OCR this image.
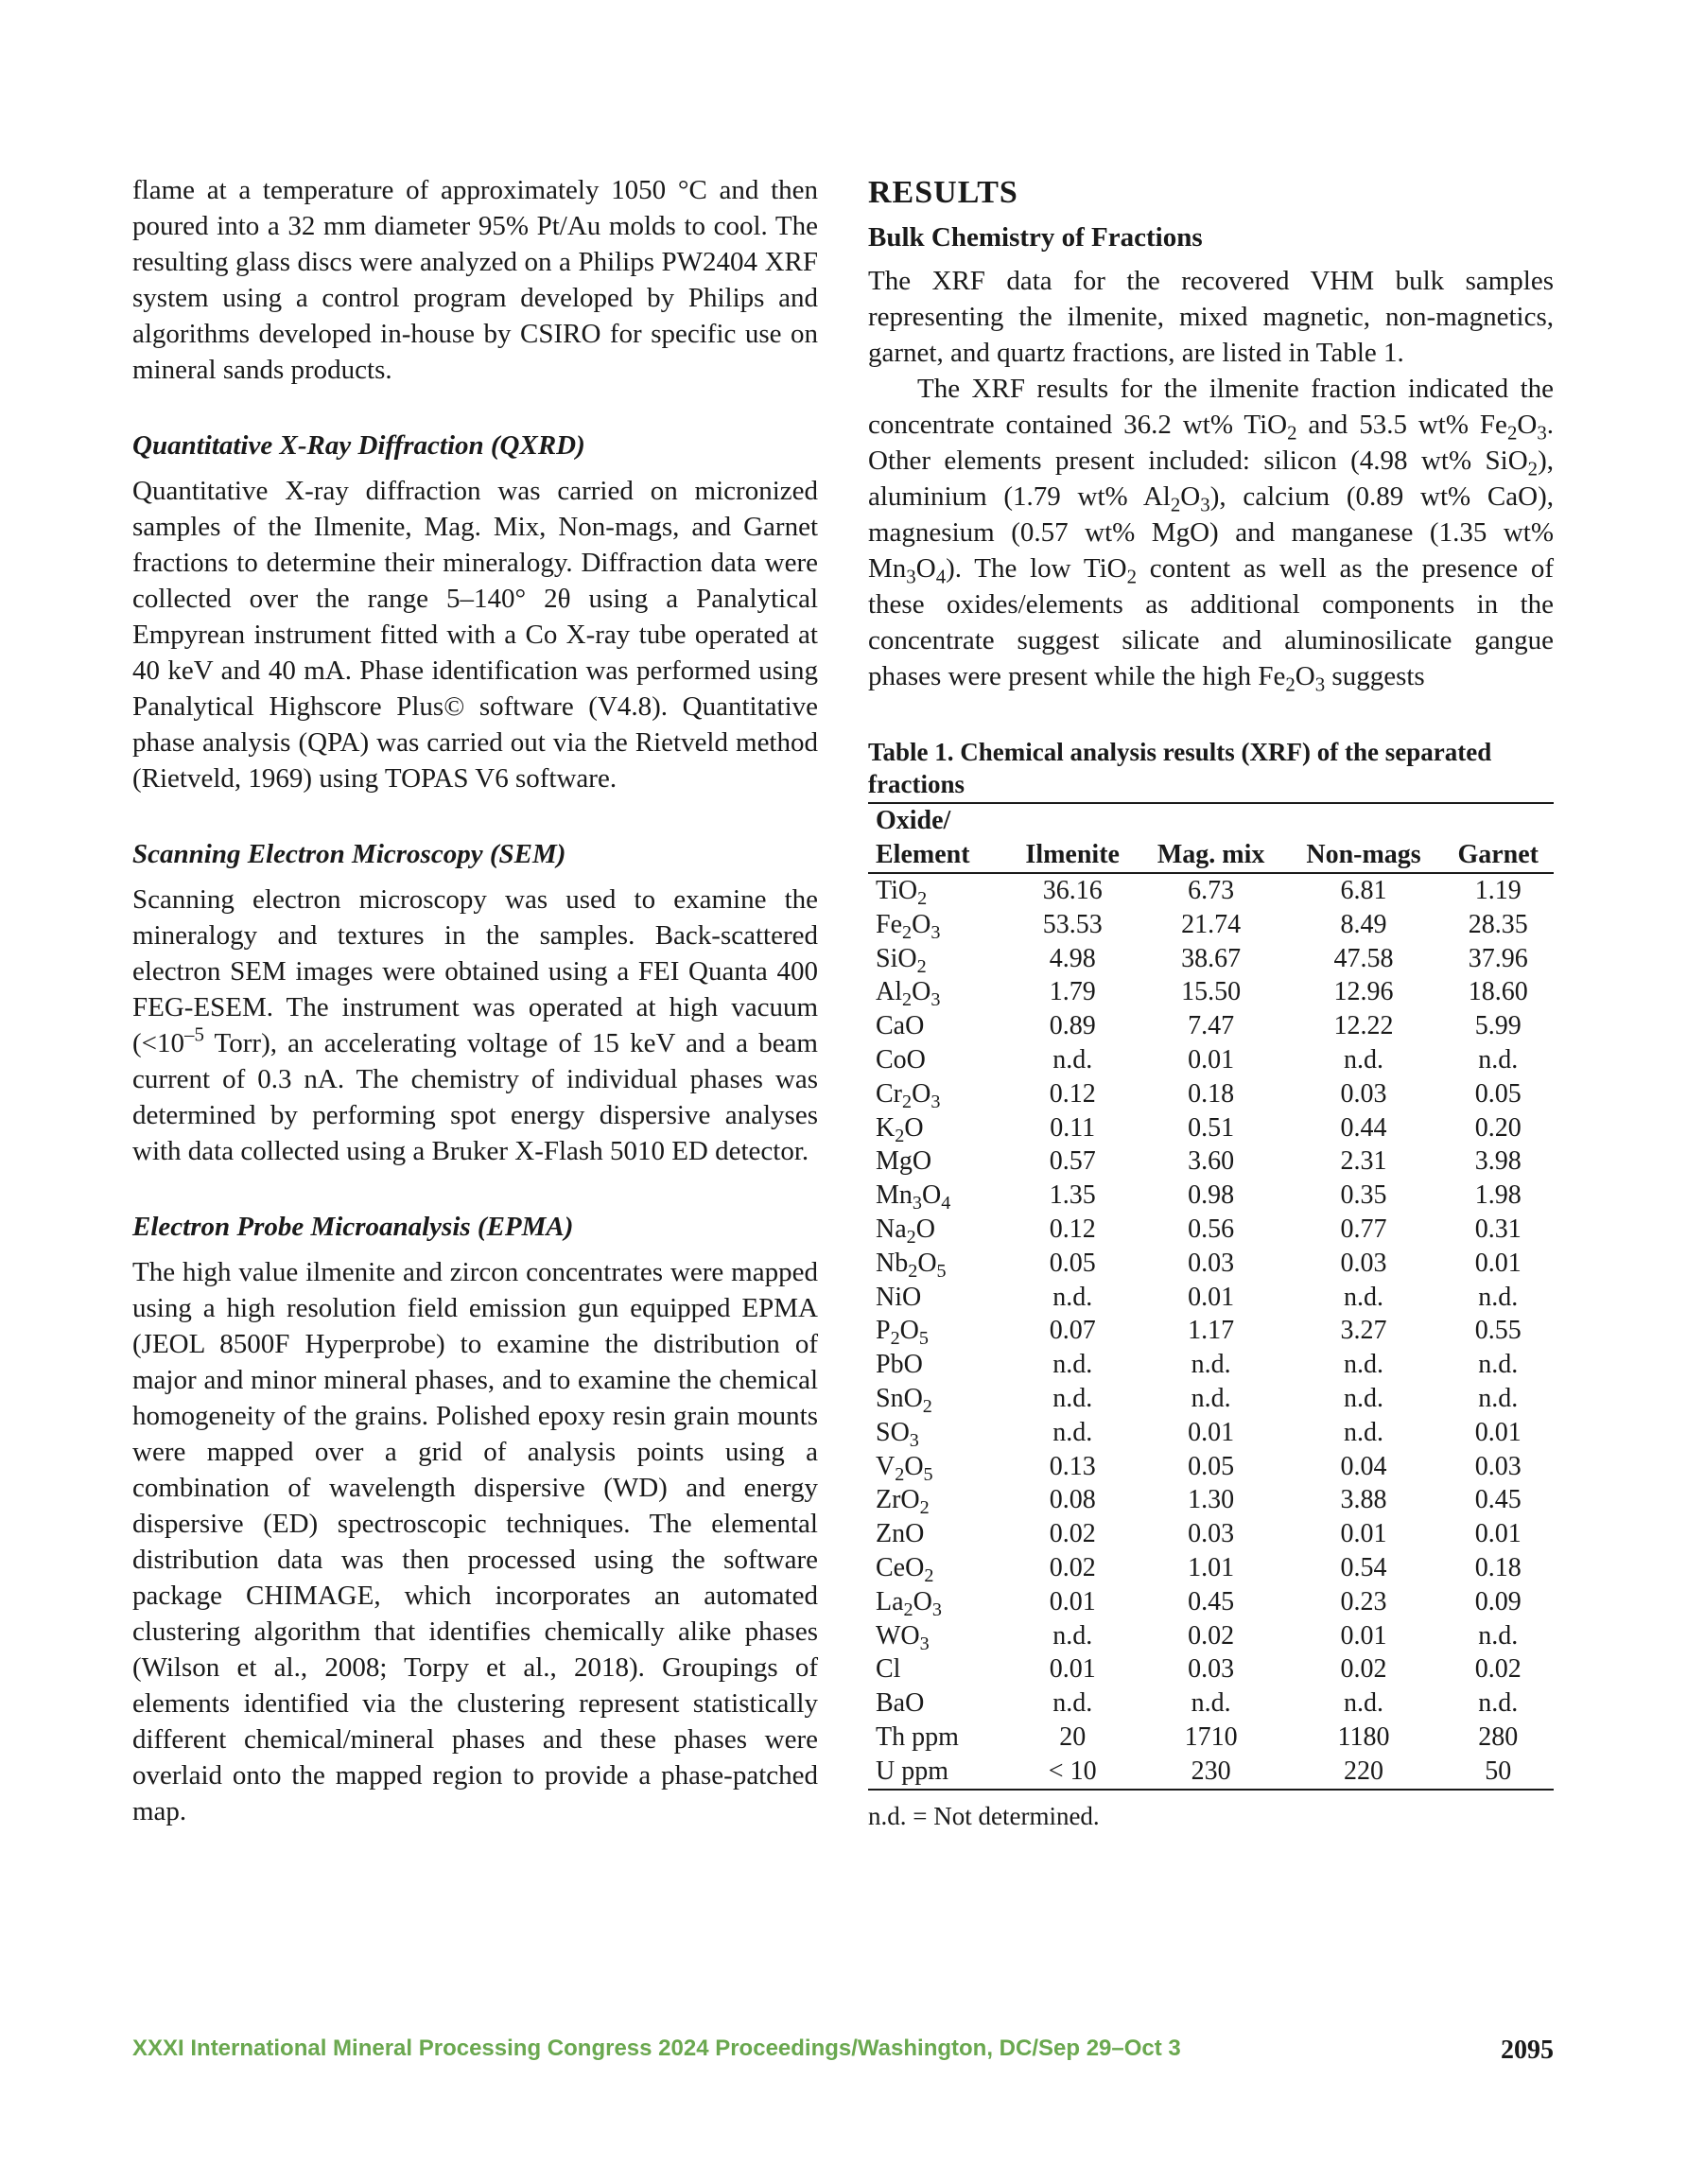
flame at a temperature of approximately 1050 °C and then poured into a 32 mm diameter 95% Pt/Au molds to cool. The resulting glass discs were analyzed on a Philips PW2404 XRF system using a control program developed by Philips and algorithms developed in-house by CSIRO for specific use on mineral sands products.

Quantitative X-Ray Diffraction (QXRD)

Quantitative X-ray diffraction was carried on micronized samples of the Ilmenite, Mag. Mix, Non-mags, and Garnet fractions to determine their mineralogy. Diffraction data were collected over the range 5–140° 2θ using a Panalytical Empyrean instrument fitted with a Co X-ray tube operated at 40 keV and 40 mA. Phase identification was performed using Panalytical Highscore Plus© software (V4.8). Quantitative phase analysis (QPA) was carried out via the Rietveld method (Rietveld, 1969) using TOPAS V6 software.

Scanning Electron Microscopy (SEM)

Scanning electron microscopy was used to examine the mineralogy and textures in the samples. Back-scattered electron SEM images were obtained using a FEI Quanta 400 FEG-ESEM. The instrument was operated at high vacuum ($<10^{-5}$ Torr), an accelerating voltage of 15 keV and a beam current of 0.3 nA. The chemistry of individual phases was determined by performing spot energy dispersive analyses with data collected using a Bruker X-Flash 5010 ED detector.

Electron Probe Microanalysis (EPMA)

The high value ilmenite and zircon concentrates were mapped using a high resolution field emission gun equipped EPMA (JEOL 8500F Hyperprobe) to examine the distribution of major and minor mineral phases, and to examine the chemical homogeneity of the grains. Polished epoxy resin grain mounts were mapped over a grid of analysis points using a combination of wavelength dispersive (WD) and energy dispersive (ED) spectroscopic techniques. The elemental distribution data was then processed using the software package CHIMAGE, which incorporates an automated clustering algorithm that identifies chemically alike phases (Wilson et al., 2008; Torpy et al., 2018). Groupings of elements identified via the clustering represent statistically different chemical/mineral phases and these phases were overlaid onto the mapped region to provide a phase-patched map.

RESULTS
Bulk Chemistry of Fractions

The XRF data for the recovered VHM bulk samples representing the ilmenite, mixed magnetic, non-magnetics, garnet, and quartz fractions, are listed in Table 1.

The XRF results for the ilmenite fraction indicated the concentrate contained 36.2 wt% TiO$_2$ and 53.5 wt% $Fe_2O_3$. Other elements present included: silicon (4.98 wt% SiO$_2$), aluminium (1.79 wt% $Al_2O_3$), calcium (0.89 wt% CaO), magnesium (0.57 wt% MgO) and manganese (1.35 wt% $Mn_3O_4$). The low TiO$_2$ content as well as the presence of these oxides/elements as additional components in the concentrate suggest silicate and aluminosilicate gangue phases were present while the high $Fe_2O_3$ suggests

Table 1. Chemical analysis results (XRF) of the separated fractions
Oxide/
Element	Ilmenite	Mag. mix	Non-mags	Garnet
TiO$_2$	36.16	6.73	6.81	1.19
$Fe_2O_3$	53.53	21.74	8.49	28.35
SiO$_2$	4.98	38.67	47.58	37.96
$Al_2O_3$	1.79	15.50	12.96	18.60
CaO	0.89	7.47	12.22	5.99
CoO	n.d.	0.01	n.d.	n.d.
$Cr_2O_3$	0.12	0.18	0.03	0.05
$K_2O$	0.11	0.51	0.44	0.20
MgO	0.57	3.60	2.31	3.98
$Mn_3O_4$	1.35	0.98	0.35	1.98
$Na_2O$	0.12	0.56	0.77	0.31
$Nb_2O_5$	0.05	0.03	0.03	0.01
NiO	n.d.	0.01	n.d.	n.d.
$P_2O_5$	0.07	1.17	3.27	0.55
PbO	n.d.	n.d.	n.d.	n.d.
SnO$_2$	n.d.	n.d.	n.d.	n.d.
$SO_3$	n.d.	0.01	n.d.	0.01
$V_2O_5$	0.13	0.05	0.04	0.03
ZrO$_2$	0.08	1.30	3.88	0.45
ZnO	0.02	0.03	0.01	0.01
CeO$_2$	0.02	1.01	0.54	0.18
$La_2O_3$	0.01	0.45	0.23	0.09
$WO_3$	n.d.	0.02	0.01	n.d.
Cl	0.01	0.03	0.02	0.02
BaO	n.d.	n.d.	n.d.	n.d.
Th ppm	20	1710	1180	280
U ppm	< 10	230	220	50
n.d. = Not determined.
XXXI International Mineral Processing Congress 2024 Proceedings/Washington, DC/Sep 29–Oct 3	2095
